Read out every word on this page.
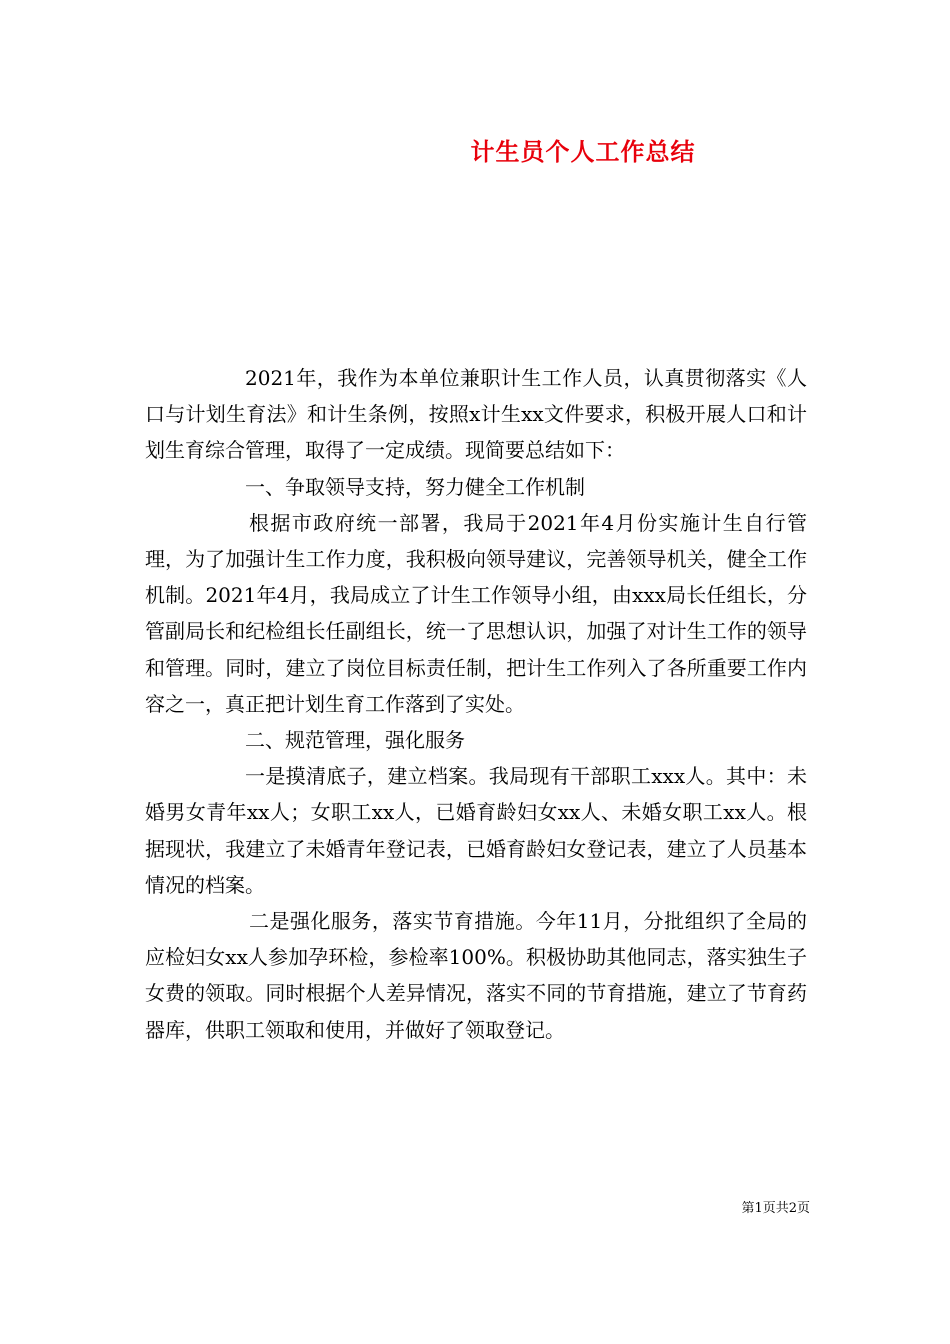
计生员个人工作总结

2021年，我作为本单位兼职计生工作人员，认真贯彻落实《人口与计划生育法》和计生条例，按照x计生xx文件要求，积极开展人口和计划生育综合管理，取得了一定成绩。现简要总结如下：

一、争取领导支持，努力健全工作机制

根据市政府统一部署，我局于2021年4月份实施计生自行管理，为了加强计生工作力度，我积极向领导建议，完善领导机关，健全工作机制。2021年4月，我局成立了计生工作领导小组，由xxx局长任组长，分管副局长和纪检组长任副组长，统一了思想认识，加强了对计生工作的领导和管理。同时，建立了岗位目标责任制，把计生工作列入了各所重要工作内容之一，真正把计划生育工作落到了实处。

二、规范管理，强化服务

一是摸清底子，建立档案。我局现有干部职工xxx人。其中：未婚男女青年xx人；女职工xx人，已婚育龄妇女xx人、未婚女职工xx人。根据现状，我建立了未婚青年登记表，已婚育龄妇女登记表，建立了人员基本情况的档案。

二是强化服务，落实节育措施。今年11月，分批组织了全局的应检妇女xx人参加孕环检，参检率100%。积极协助其他同志，落实独生子女费的领取。同时根据个人差异情况，落实不同的节育措施，建立了节育药器库，供职工领取和使用，并做好了领取登记。

第1页共2页
